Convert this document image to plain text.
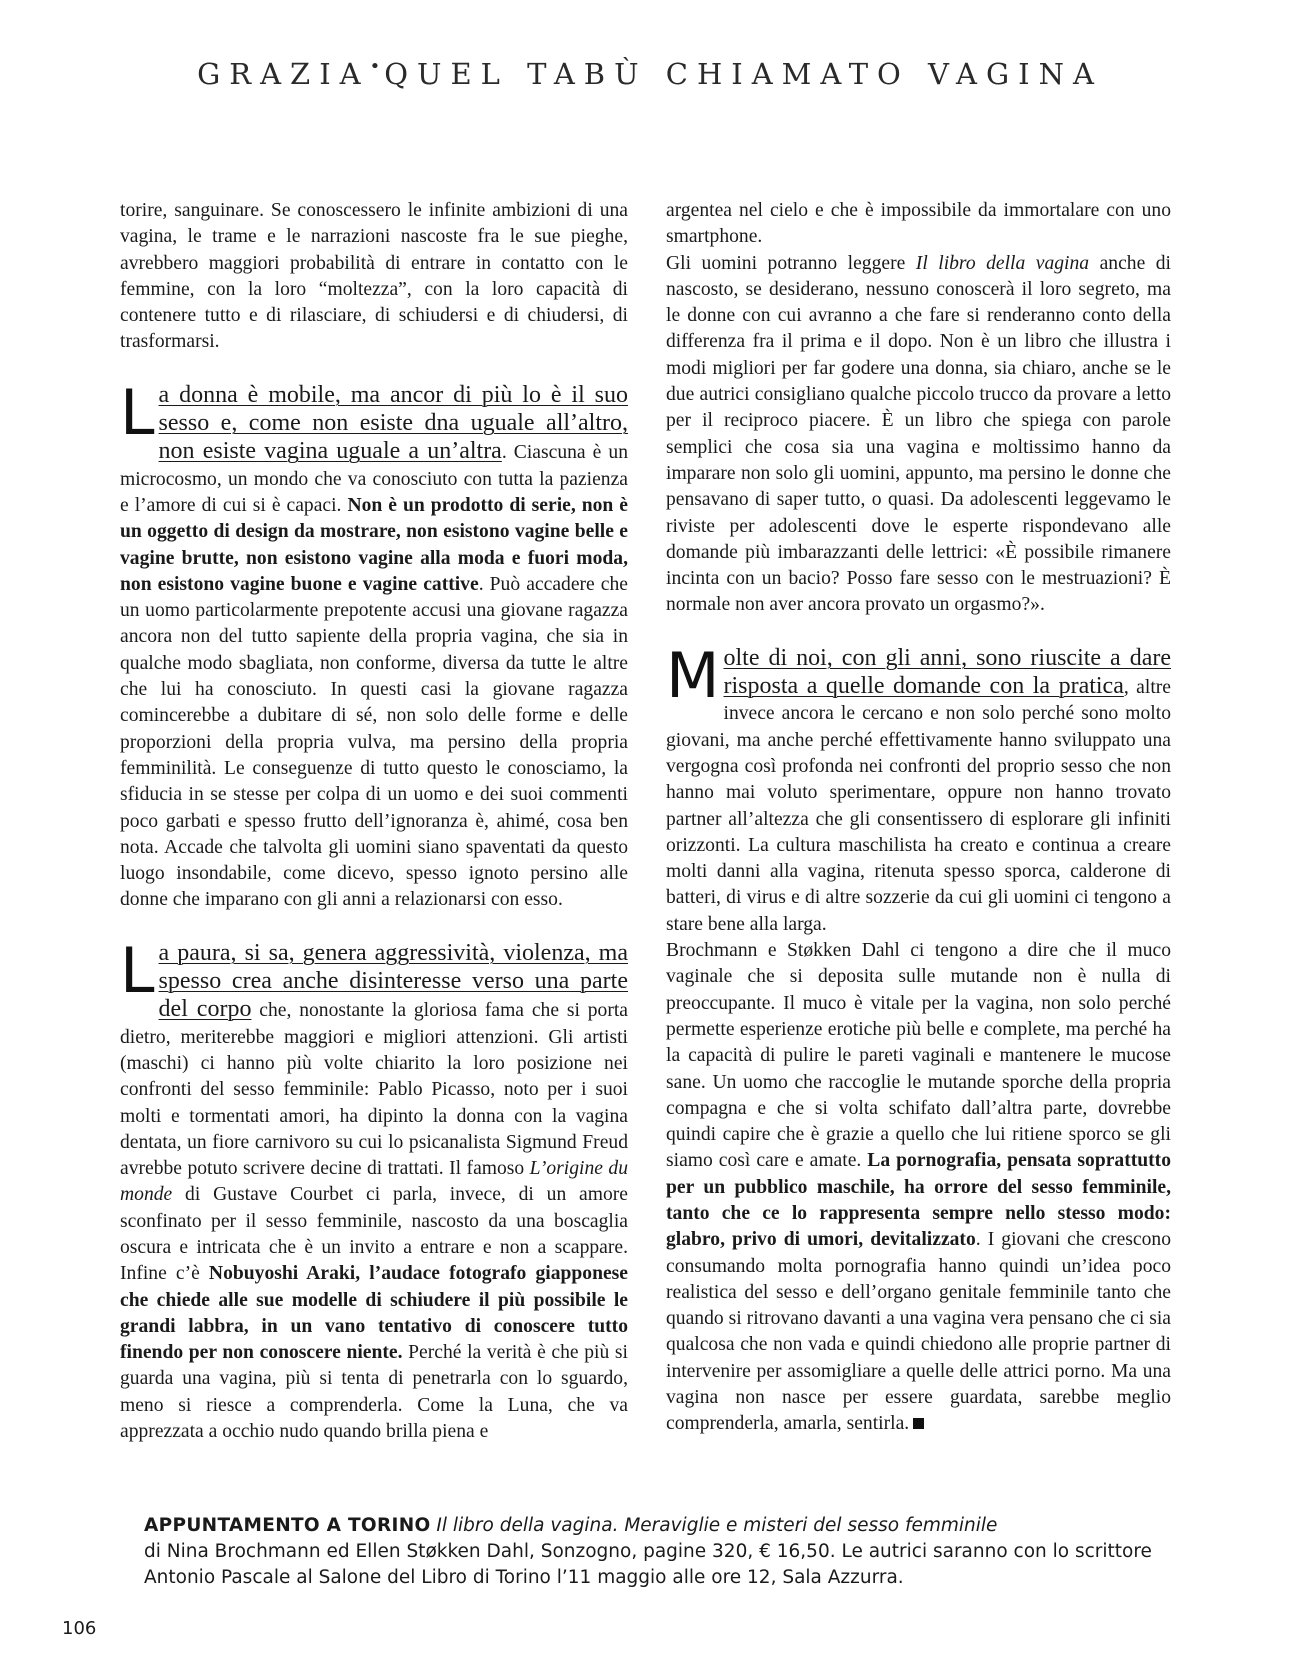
GRAZIA•QUEL TABÙ CHIAMATO VAGINA

torire, sanguinare. Se conoscessero le infinite ambizioni di una vagina, le trame e le narrazioni nascoste fra le sue pieghe, avrebbero maggiori probabilità di entrare in contatto con le femmine, con la loro “moltezza”, con la loro capacità di contenere tutto e di rilasciare, di schiudersi e di chiudersi, di trasformarsi.

La donna è mobile, ma ancor di più lo è il suo sesso e, come non esiste dna uguale all’altro, non esiste vagina uguale a un’altra. Ciascuna è un microcosmo, un mondo che va conosciuto con tutta la pazienza e l’amore di cui si è capaci. Non è un prodotto di serie, non è un oggetto di design da mostrare, non esistono vagine belle e vagine brutte, non esistono vagine alla moda e fuori moda, non esistono vagine buone e vagine cattive. Può accadere che un uomo particolarmente prepotente accusi una giovane ragazza ancora non del tutto sapiente della propria vagina, che sia in qualche modo sbagliata, non conforme, diversa da tutte le altre che lui ha conosciuto. In questi casi la giovane ragazza comincerebbe a dubitare di sé, non solo delle forme e delle proporzioni della propria vulva, ma persino della propria femminilità. Le conseguenze di tutto questo le conosciamo, la sfiducia in se stesse per colpa di un uomo e dei suoi commenti poco garbati e spesso frutto dell’ignoranza è, ahimé, cosa ben nota. Accade che talvolta gli uomini siano spaventati da questo luogo insondabile, come dicevo, spesso ignoto persino alle donne che imparano con gli anni a relazionarsi con esso.

La paura, si sa, genera aggressività, violenza, ma spesso crea anche disinteresse verso una parte del corpo che, nonostante la gloriosa fama che si porta dietro, meriterebbe maggiori e migliori attenzioni. Gli artisti (maschi) ci hanno più volte chiarito la loro posizione nei confronti del sesso femminile: Pablo Picasso, noto per i suoi molti e tormentati amori, ha dipinto la donna con la vagina dentata, un fiore carnivoro su cui lo psicanalista Sigmund Freud avrebbe potuto scrivere decine di trattati. Il famoso L’origine du monde di Gustave Courbet ci parla, invece, di un amore sconfinato per il sesso femminile, nascosto da una boscaglia oscura e intricata che è un invito a entrare e non a scappare. Infine c’è Nobuyoshi Araki, l’audace fotografo giapponese che chiede alle sue modelle di schiudere il più possibile le grandi labbra, in un vano tentativo di conoscere tutto finendo per non conoscere niente. Perché la verità è che più si guarda una vagina, più si tenta di penetrarla con lo sguardo, meno si riesce a comprenderla. Come la Luna, che va apprezzata a occhio nudo quando brilla piena e

argentea nel cielo e che è impossibile da immortalare con uno smartphone.

Gli uomini potranno leggere Il libro della vagina anche di nascosto, se desiderano, nessuno conoscerà il loro segreto, ma le donne con cui avranno a che fare si renderanno conto della differenza fra il prima e il dopo. Non è un libro che illustra i modi migliori per far godere una donna, sia chiaro, anche se le due autrici consigliano qualche piccolo trucco da provare a letto per il reciproco piacere. È un libro che spiega con parole semplici che cosa sia una vagina e moltissimo hanno da imparare non solo gli uomini, appunto, ma persino le donne che pensavano di saper tutto, o quasi. Da adolescenti leggevamo le riviste per adolescenti dove le esperte rispondevano alle domande più imbarazzanti delle lettrici: «È possibile rimanere incinta con un bacio? Posso fare sesso con le mestruazioni? È normale non aver ancora provato un orgasmo?».

Molte di noi, con gli anni, sono riuscite a dare risposta a quelle domande con la pratica, altre invece ancora le cercano e non solo perché sono molto giovani, ma anche perché effettivamente hanno sviluppato una vergogna così profonda nei confronti del proprio sesso che non hanno mai voluto sperimentare, oppure non hanno trovato partner all’altezza che gli consentissero di esplorare gli infiniti orizzonti. La cultura maschilista ha creato e continua a creare molti danni alla vagina, ritenuta spesso sporca, calderone di batteri, di virus e di altre sozzerie da cui gli uomini ci tengono a stare bene alla larga.

Brochmann e Støkken Dahl ci tengono a dire che il muco vaginale che si deposita sulle mutande non è nulla di preoccupante. Il muco è vitale per la vagina, non solo perché permette esperienze erotiche più belle e complete, ma perché ha la capacità di pulire le pareti vaginali e mantenere le mucose sane. Un uomo che raccoglie le mutande sporche della propria compagna e che si volta schifato dall’altra parte, dovrebbe quindi capire che è grazie a quello che lui ritiene sporco se gli siamo così care e amate. La pornografia, pensata soprattutto per un pubblico maschile, ha orrore del sesso femminile, tanto che ce lo rappresenta sempre nello stesso modo: glabro, privo di umori, devitalizzato. I giovani che crescono consumando molta pornografia hanno quindi un’idea poco realistica del sesso e dell’organo genitale femminile tanto che quando si ritrovano davanti a una vagina vera pensano che ci sia qualcosa che non vada e quindi chiedono alle proprie partner di intervenire per assomigliare a quelle delle attrici porno. Ma una vagina non nasce per essere guardata, sarebbe meglio comprenderla, amarla, sentirla.

APPUNTAMENTO A TORINO Il libro della vagina. Meraviglie e misteri del sesso femminile
di Nina Brochmann ed Ellen Støkken Dahl, Sonzogno, pagine 320, € 16,50. Le autrici saranno con lo scrittore Antonio Pascale al Salone del Libro di Torino l’11 maggio alle ore 12, Sala Azzurra.
106
